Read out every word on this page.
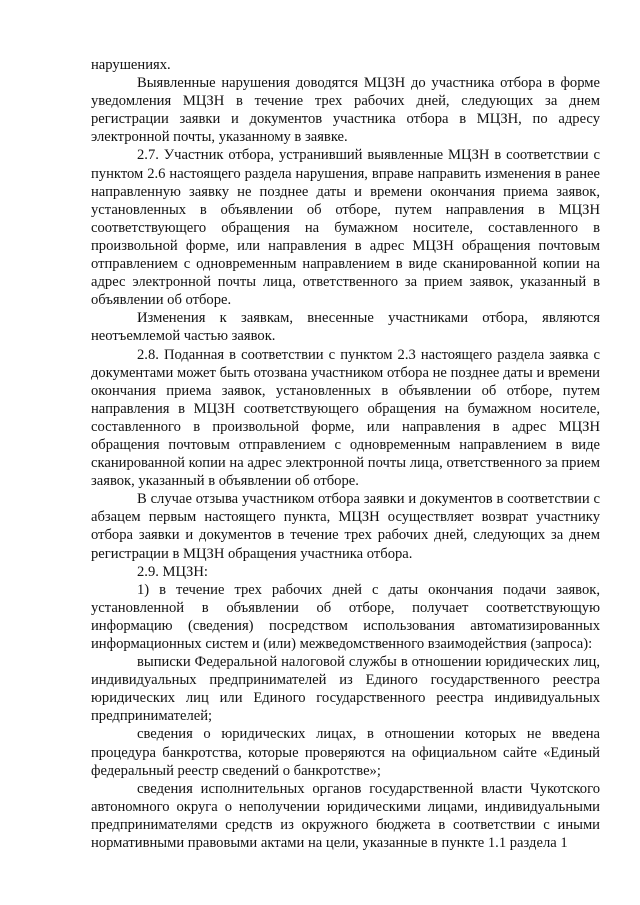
нарушениях.

Выявленные нарушения доводятся МЦЗН до участника отбора в форме уведомления МЦЗН в течение трех рабочих дней, следующих за днем регистрации заявки и документов участника отбора в МЦЗН, по адресу электронной почты, указанному в заявке.

2.7. Участник отбора, устранивший выявленные МЦЗН в соответствии с пунктом 2.6 настоящего раздела нарушения, вправе направить изменения в ранее направленную заявку не позднее даты и времени окончания приема заявок, установленных в объявлении об отборе, путем направления в МЦЗН соответствующего обращения на бумажном носителе, составленного в произвольной форме, или направления в адрес МЦЗН обращения почтовым отправлением с одновременным направлением в виде сканированной копии на адрес электронной почты лица, ответственного за прием заявок, указанный в объявлении об отборе.

Изменения к заявкам, внесенные участниками отбора, являются неотъемлемой частью заявок.

2.8. Поданная в соответствии с пунктом 2.3 настоящего раздела заявка с документами может быть отозвана участником отбора не позднее даты и времени окончания приема заявок, установленных в объявлении об отборе, путем направления в МЦЗН соответствующего обращения на бумажном носителе, составленного в произвольной форме, или направления в адрес МЦЗН обращения почтовым отправлением с одновременным направлением в виде сканированной копии на адрес электронной почты лица, ответственного за прием заявок, указанный в объявлении об отборе.

В случае отзыва участником отбора заявки и документов в соответствии с абзацем первым настоящего пункта, МЦЗН осуществляет возврат участнику отбора заявки и документов в течение трех рабочих дней, следующих за днем регистрации в МЦЗН обращения участника отбора.

2.9. МЦЗН:

1) в течение трех рабочих дней с даты окончания подачи заявок, установленной в объявлении об отборе, получает соответствующую информацию (сведения) посредством использования автоматизированных информационных систем и (или) межведомственного взаимодействия (запроса):

выписки Федеральной налоговой службы в отношении юридических лиц, индивидуальных предпринимателей из Единого государственного реестра юридических лиц или Единого государственного реестра индивидуальных предпринимателей;

сведения о юридических лицах, в отношении которых не введена процедура банкротства, которые проверяются на официальном сайте «Единый федеральный реестр сведений о банкротстве»;

сведения исполнительных органов государственной власти Чукотского автономного округа о неполучении юридическими лицами, индивидуальными предпринимателями средств из окружного бюджета в соответствии с иными нормативными правовыми актами на цели, указанные в пункте 1.1 раздела 1
